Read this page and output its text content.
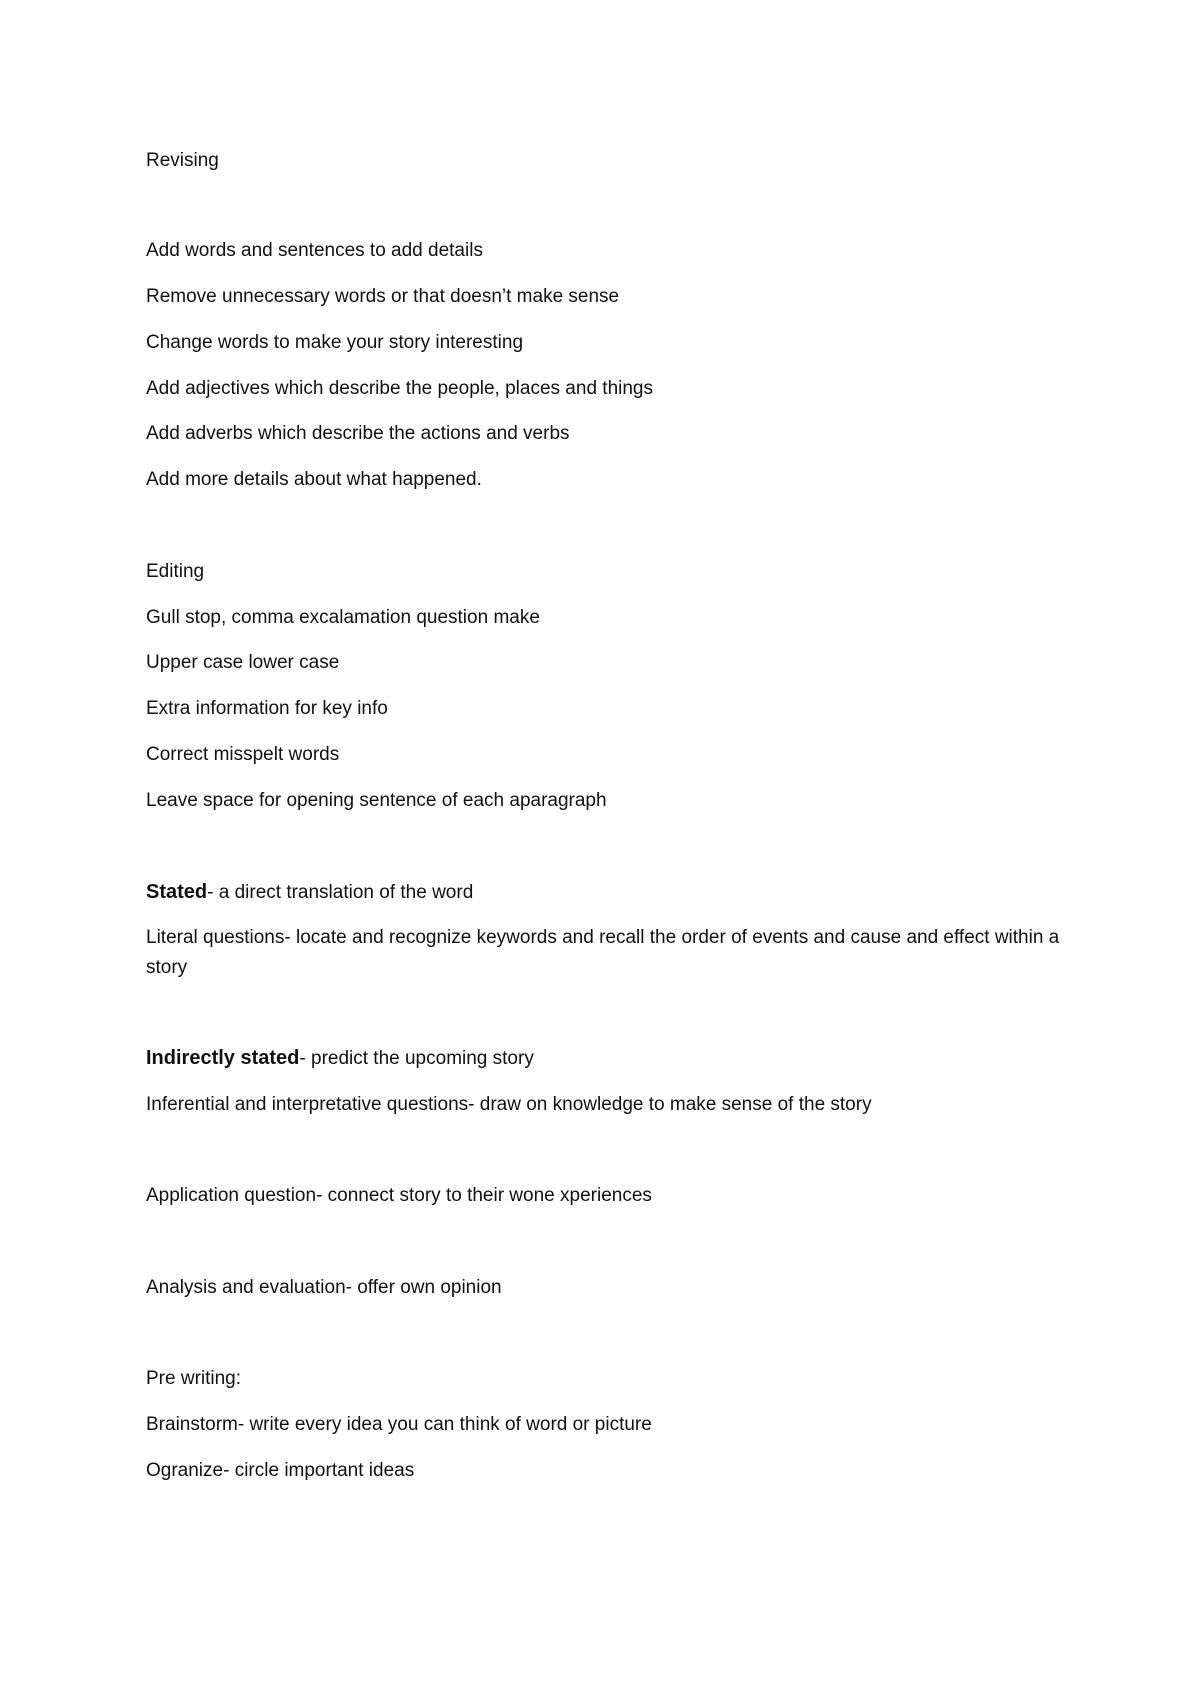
Revising
Add words and sentences to add details
Remove unnecessary words or that doesn’t make sense
Change words to make your story interesting
Add adjectives which describe the people, places and things
Add adverbs which describe the actions and verbs
Add more details about what happened.
Editing
Gull stop, comma excalamation question make
Upper case lower case
Extra information for key info
Correct misspelt words
Leave space for opening sentence of each aparagraph
Stated- a direct translation of the word
Literal questions- locate and recognize keywords and recall the order of events and cause and effect within a story
Indirectly stated- predict the upcoming story
Inferential and interpretative questions- draw on knowledge to make sense of the story
Application question- connect story to their wone xperiences
Analysis and evaluation- offer own opinion
Pre writing:
Brainstorm- write every idea you can think of word or picture
Ogranize- circle important ideas
